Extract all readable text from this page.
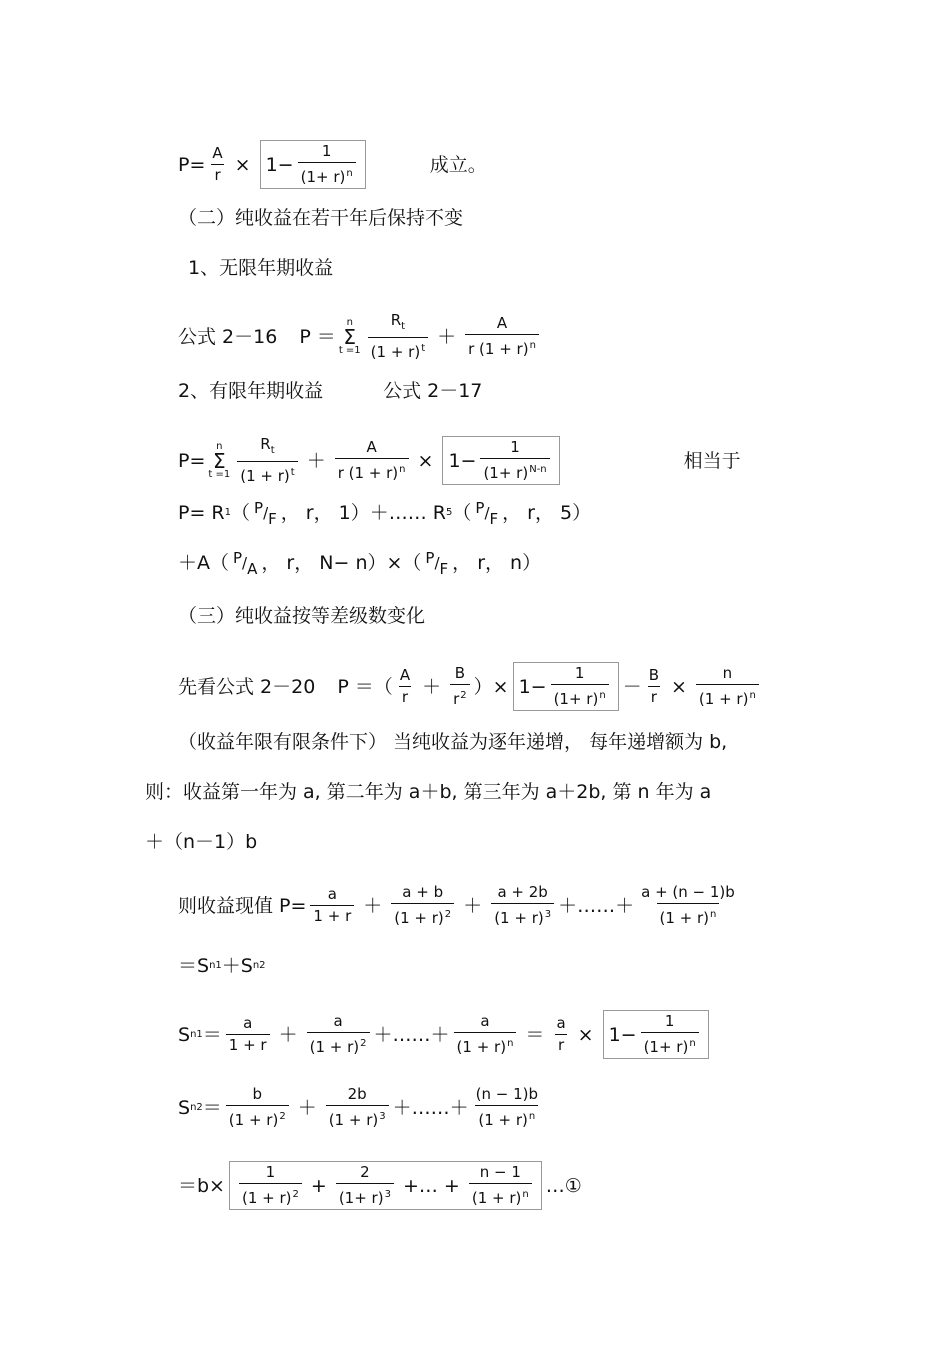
$P= \frac{A}{r} \times 1- \frac{1}{(1+ r)^n}$	成立。
（二）纯收益在若干年后保持不变
1、无限年期收益
公式 2－16 P ＝
n
Σ
$t =1 \frac{R_t}{(1 + r)^t} + \frac{A}{r (1 + r)^n}$
2、有限年期收益	公式 2－17
P=
n
Σ
$t =1 \frac{R_t}{(1 + r)^t} + \frac{A}{r (1 + r)^n} \times 1- \frac{1}{(1+ r)^{N-n}}$	相当于
P= R 1 （ P / F ， r， 1）＋…… R 5 （ P / F ， r， 5）
＋A（ P / A ， r， N− n）×（ P / F ， r， n）
（三）纯收益按等差级数变化
先看公式 2－20 P ＝（ $\frac{A}{r} + \frac{B}{r^2}$ ）× $1- \frac{1}{(1+ r)^n} - \frac{B}{r} \times \frac{n}{(1 + r)^n}$
（收益年限有限条件下） 当纯收益为逐年递增， 每年递增额为 b,
则：收益第一年为 a, 第二年为 a＋b, 第三年为 a＋2b, 第 n 年为 a
＋（n－1）b
则收益现值 $P= \frac{a}{1 + r} + \frac{a + b}{(1 + r)^2} + \frac{a + 2b}{(1 + r)^3}$ ＋……＋ $\frac{a + (n - 1)b}{(1 + r)^n}$
＝S n1 ＋S n2
S $n1 = \frac{a}{1 + r} + \frac{a}{(1 + r)^2}$ ＋……＋ $\frac{a}{(1 + r)^n} = \frac{a}{r} \times 1- \frac{1}{(1+ r)^n}$
S $n2 = \frac{b}{(1 + r)^2} + \frac{2b}{(1 + r)^3}$ ＋……＋ $\frac{(n - 1)b}{(1 + r)^n}$
$=b\times \frac{1}{(1 + r)^2} + \frac{2}{(1+ r)^3}$ +… + $\frac{n - 1}{(1 + r)^n}$ …①
